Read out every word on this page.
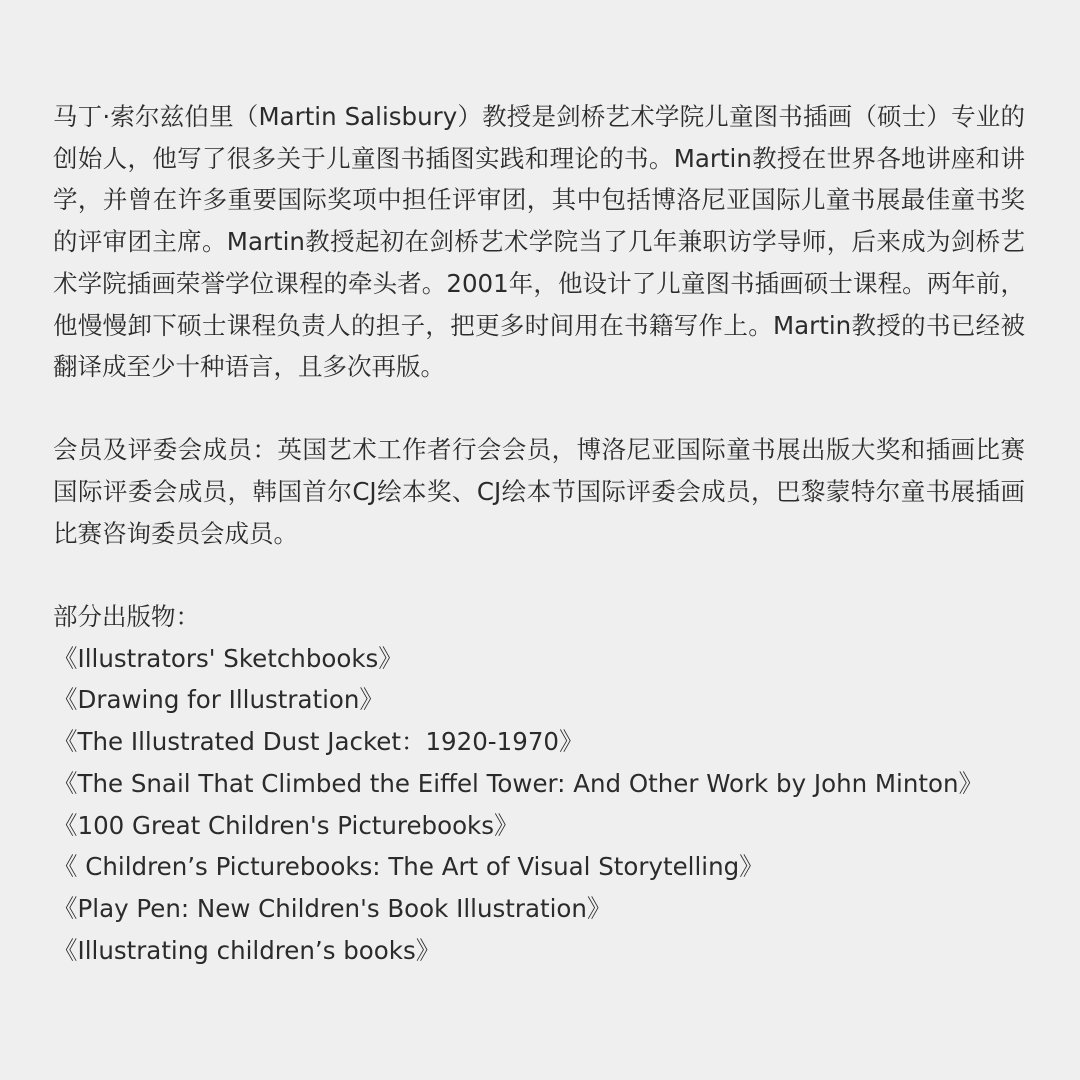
马丁·索尔兹伯里（Martin Salisbury）教授是剑桥艺术学院儿童图书插画（硕士）专业的创始人，他写了很多关于儿童图书插图实践和理论的书。Martin教授在世界各地讲座和讲学，并曾在许多重要国际奖项中担任评审团，其中包括博洛尼亚国际儿童书展最佳童书奖的评审团主席。Martin教授起初在剑桥艺术学院当了几年兼职访学导师，后来成为剑桥艺术学院插画荣誉学位课程的牵头者。2001年，他设计了儿童图书插画硕士课程。两年前，他慢慢卸下硕士课程负责人的担子，把更多时间用在书籍写作上。Martin教授的书已经被翻译成至少十种语言，且多次再版。

会员及评委会成员：英国艺术工作者行会会员，博洛尼亚国际童书展出版大奖和插画比赛国际评委会成员，韩国首尔CJ绘本奖、CJ绘本节国际评委会成员，巴黎蒙特尔童书展插画比赛咨询委员会成员。

部分出版物：

《Illustrators' Sketchbooks》
《Drawing for Illustration》
《The Illustrated Dust Jacket：1920-1970》
《The Snail That Climbed the Eiffel Tower: And Other Work by John Minton》
《100 Great Children's Picturebooks》
《 Children’s Picturebooks: The Art of Visual Storytelling》
《Play Pen: New Children's Book Illustration》
《Illustrating children’s books》
